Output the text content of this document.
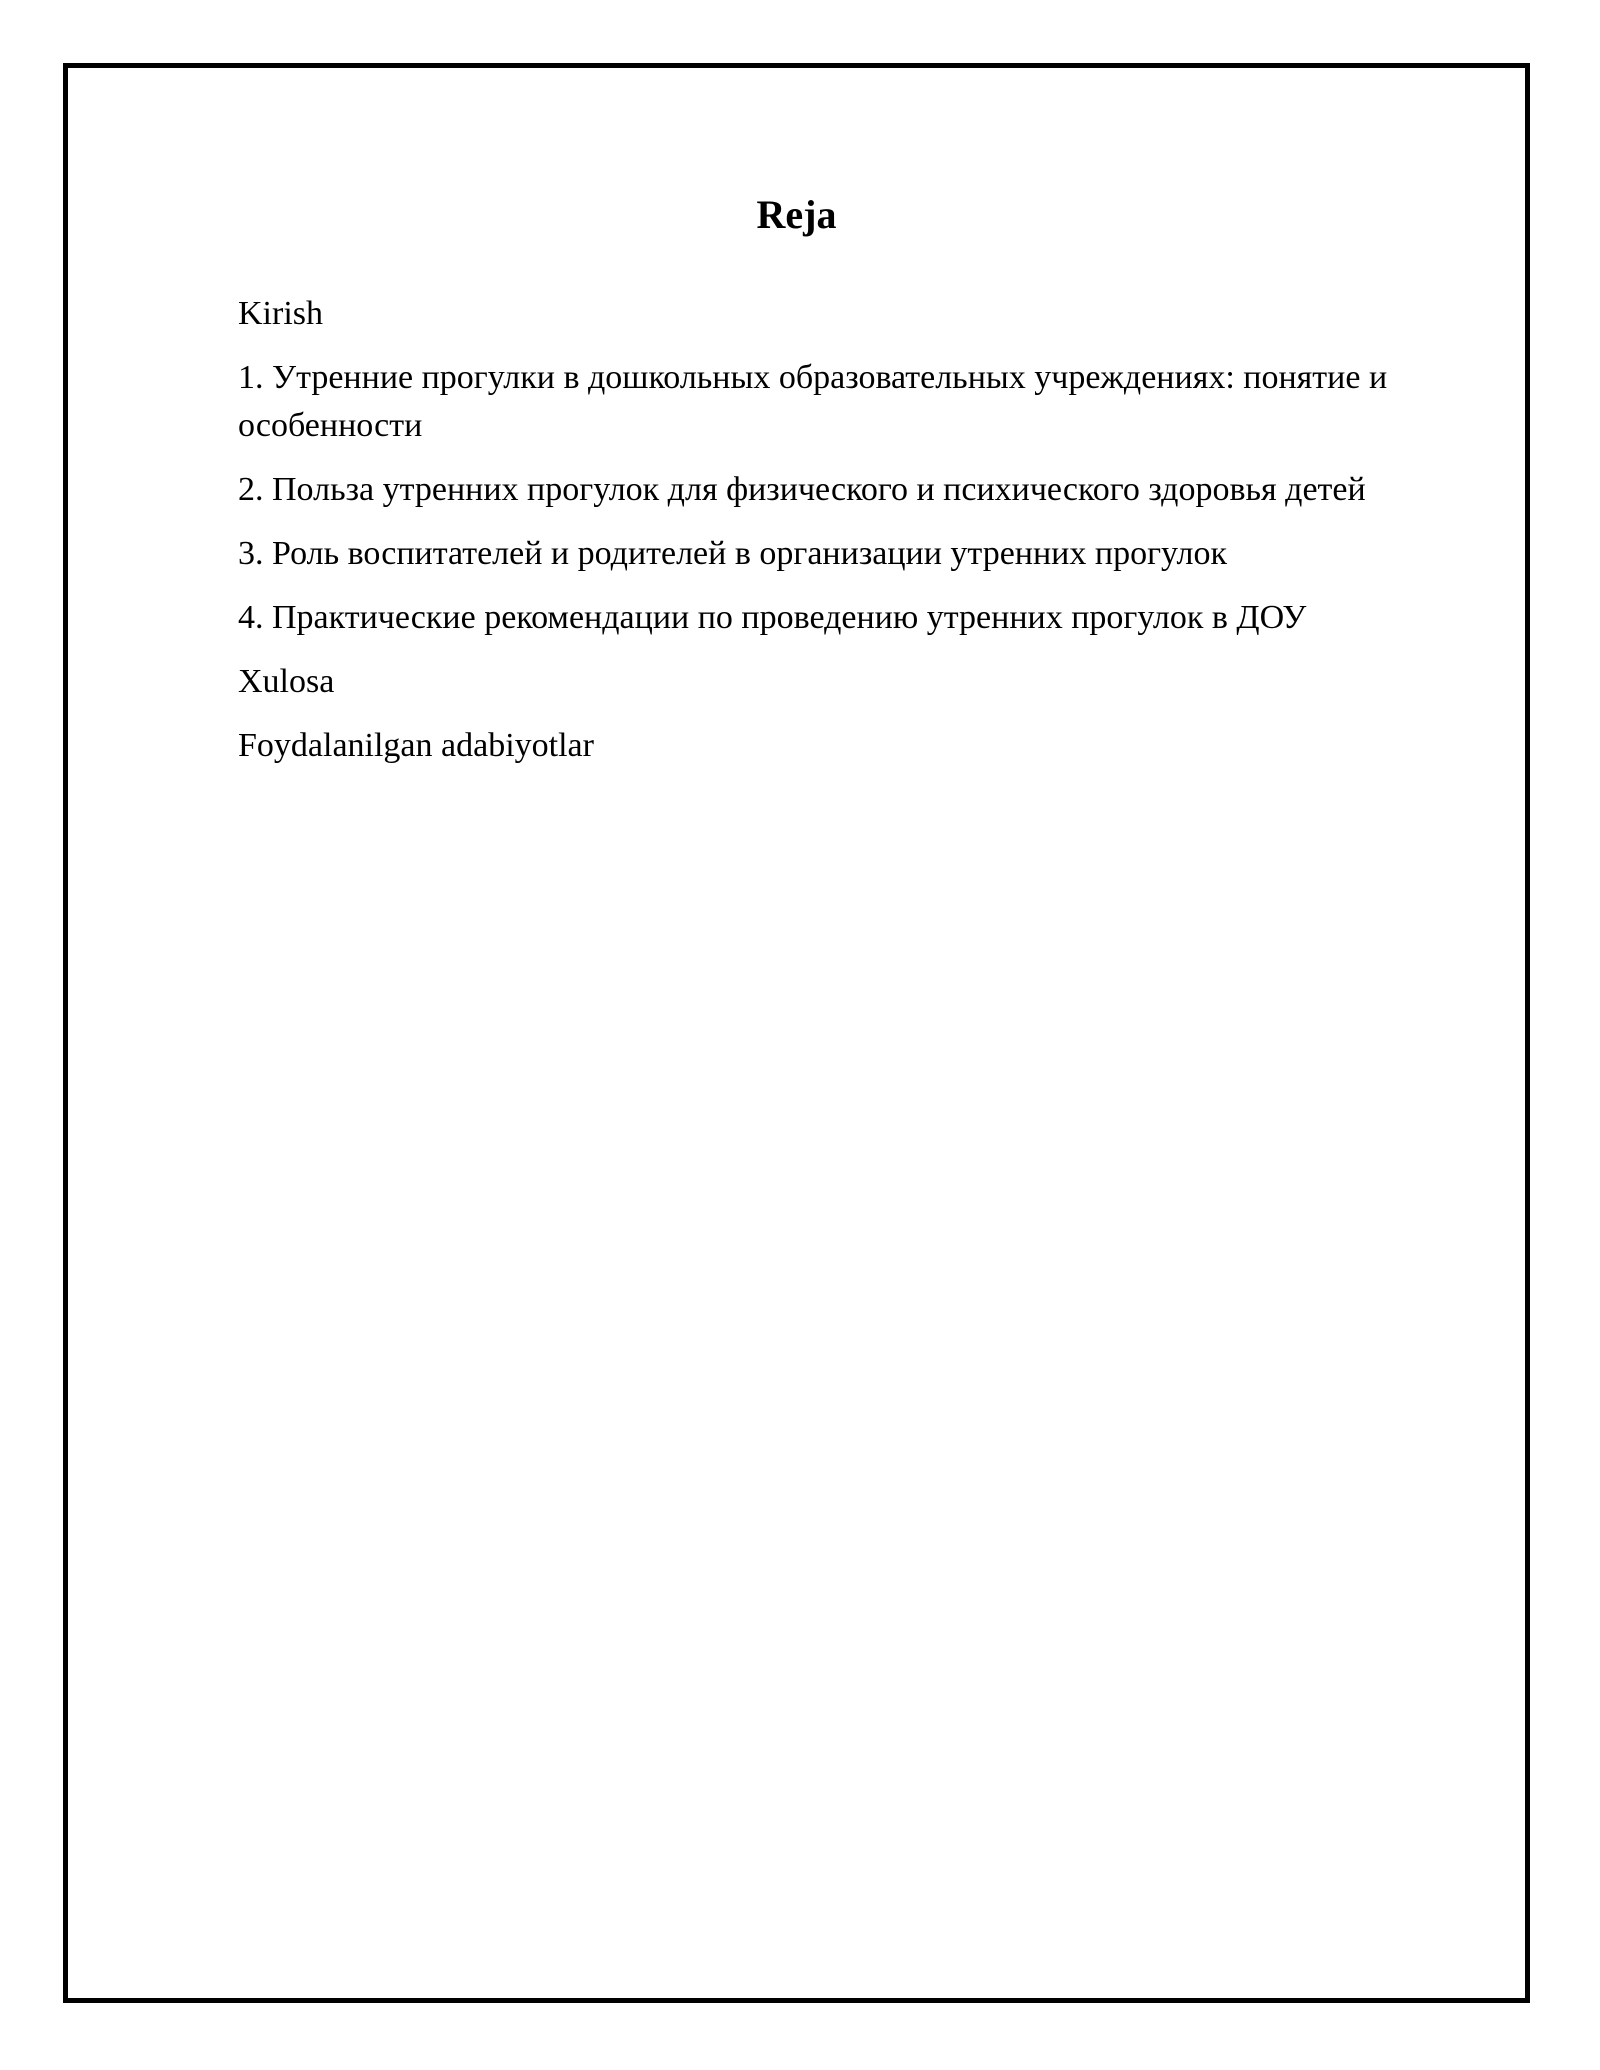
Reja
Kirish
1. Утренние прогулки в дошкольных образовательных учреждениях: понятие и особенности
2. Польза утренних прогулок для физического и психического здоровья детей
3. Роль воспитателей и родителей в организации утренних прогулок
4. Практические рекомендации по проведению утренних прогулок в ДОУ
Xulosa
Foydalanilgan adabiyotlar
